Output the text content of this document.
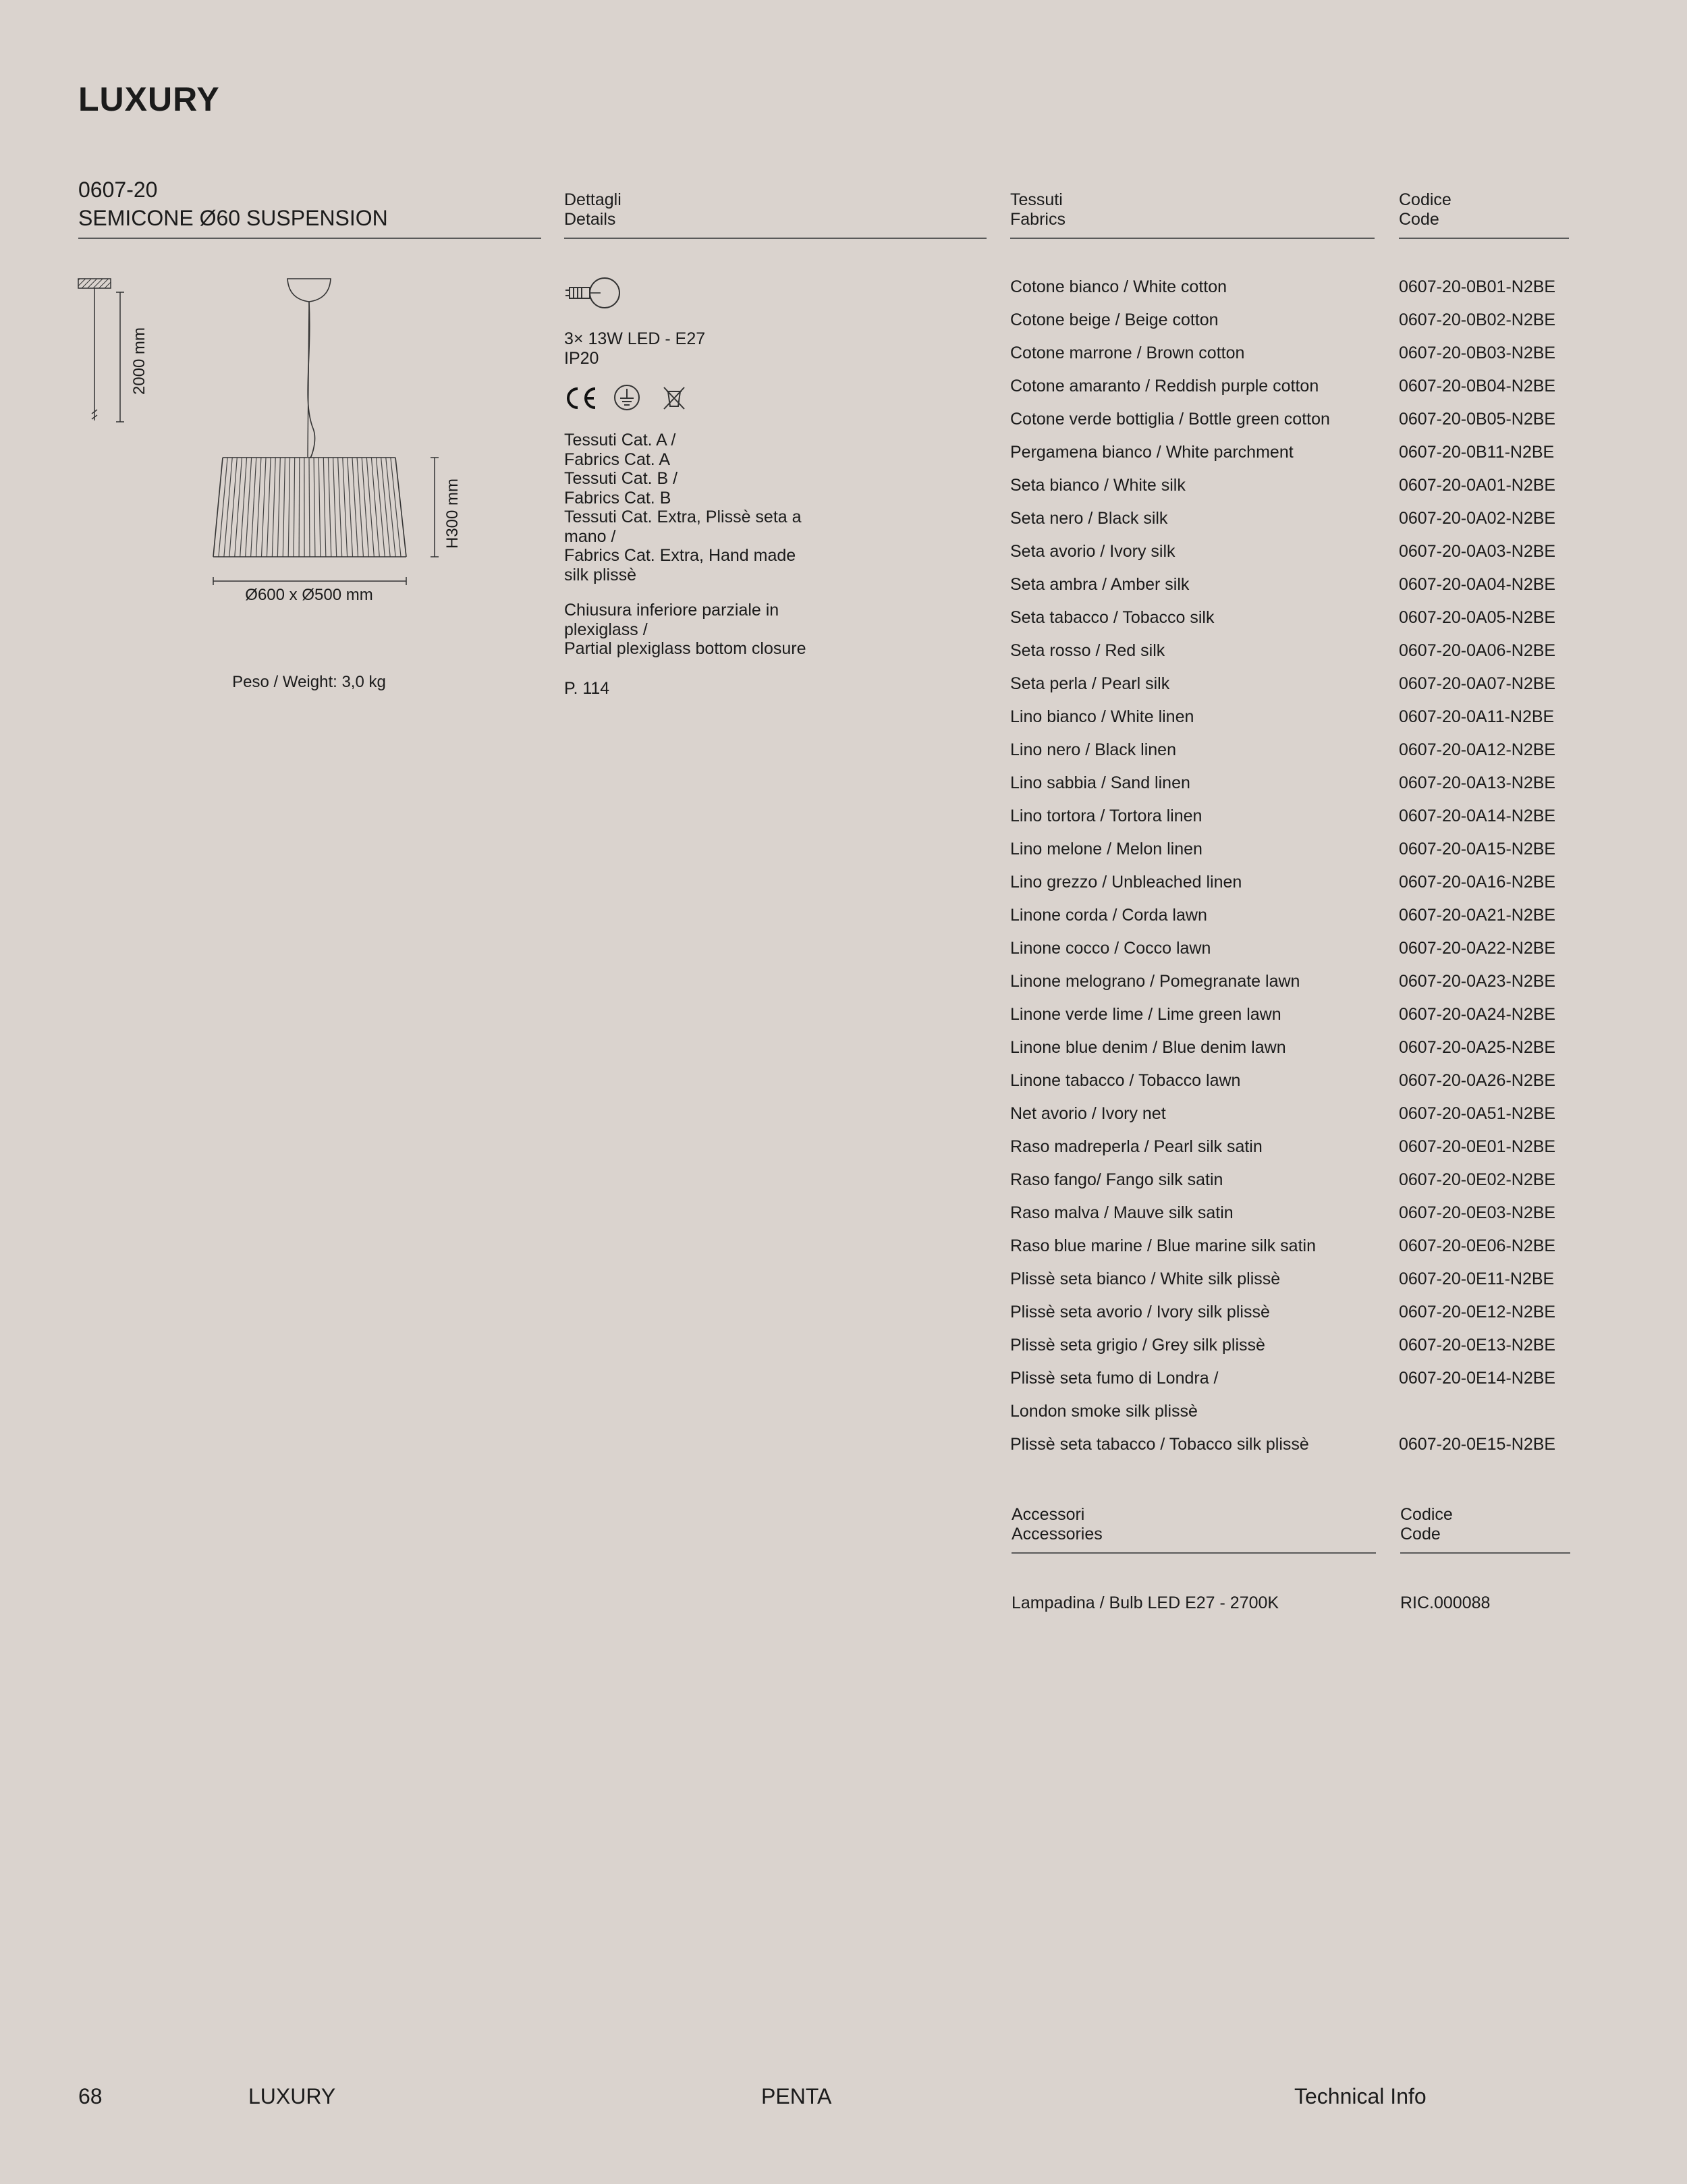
LUXURY
0607-20
SEMICONE Ø60 SUSPENSION
2000 mm
H300 mm
Ø600 x Ø500 mm
Peso / Weight: 3,0 kg
Dettagli
Details

3× 13W LED - E27

IP20

Tessuti Cat. A /

Fabrics Cat. A

Tessuti Cat. B /

Fabrics Cat. B

Tessuti Cat. Extra, Plissè seta a

mano /

Fabrics Cat. Extra, Hand made

silk plissè

Chiusura inferiore parziale in

plexiglass /

Partial plexiglass bottom closure

P. 114
Tessuti
Fabrics
Codice
Code
Cotone bianco / White cotton	0607-20-0B01-N2BE
Cotone beige / Beige cotton	0607-20-0B02-N2BE
Cotone marrone / Brown cotton	0607-20-0B03-N2BE
Cotone amaranto / Reddish purple cotton	0607-20-0B04-N2BE
Cotone verde bottiglia / Bottle green cotton	0607-20-0B05-N2BE
Pergamena bianco / White parchment	0607-20-0B11-N2BE
Seta bianco / White silk	0607-20-0A01-N2BE
Seta nero / Black silk	0607-20-0A02-N2BE
Seta avorio / Ivory silk	0607-20-0A03-N2BE
Seta ambra / Amber silk	0607-20-0A04-N2BE
Seta tabacco / Tobacco silk	0607-20-0A05-N2BE
Seta rosso / Red silk	0607-20-0A06-N2BE
Seta perla / Pearl silk	0607-20-0A07-N2BE
Lino bianco / White linen	0607-20-0A11-N2BE
Lino nero / Black linen	0607-20-0A12-N2BE
Lino sabbia / Sand linen	0607-20-0A13-N2BE
Lino tortora / Tortora linen	0607-20-0A14-N2BE
Lino melone / Melon linen	0607-20-0A15-N2BE
Lino grezzo / Unbleached linen	0607-20-0A16-N2BE
Linone corda / Corda lawn	0607-20-0A21-N2BE
Linone cocco / Cocco lawn	0607-20-0A22-N2BE
Linone melograno / Pomegranate lawn	0607-20-0A23-N2BE
Linone verde lime / Lime green lawn	0607-20-0A24-N2BE
Linone blue denim / Blue denim lawn	0607-20-0A25-N2BE
Linone tabacco / Tobacco lawn	0607-20-0A26-N2BE
Net avorio / Ivory net	0607-20-0A51-N2BE
Raso madreperla / Pearl silk satin	0607-20-0E01-N2BE
Raso fango/ Fango silk satin	0607-20-0E02-N2BE
Raso malva / Mauve silk satin	0607-20-0E03-N2BE
Raso blue marine / Blue marine silk satin	0607-20-0E06-N2BE
Plissè seta bianco / White silk plissè	0607-20-0E11-N2BE
Plissè seta avorio / Ivory silk plissè	0607-20-0E12-N2BE
Plissè seta grigio / Grey silk plissè	0607-20-0E13-N2BE
Plissè seta fumo di Londra /	0607-20-0E14-N2BE
London smoke silk plissè
Plissè seta tabacco / Tobacco silk plissè	0607-20-0E15-N2BE
Accessori
Accessories
Codice
Code
Lampadina / Bulb LED E27 - 2700K	RIC.000088
68	LUXURY	PENTA	Technical Info
